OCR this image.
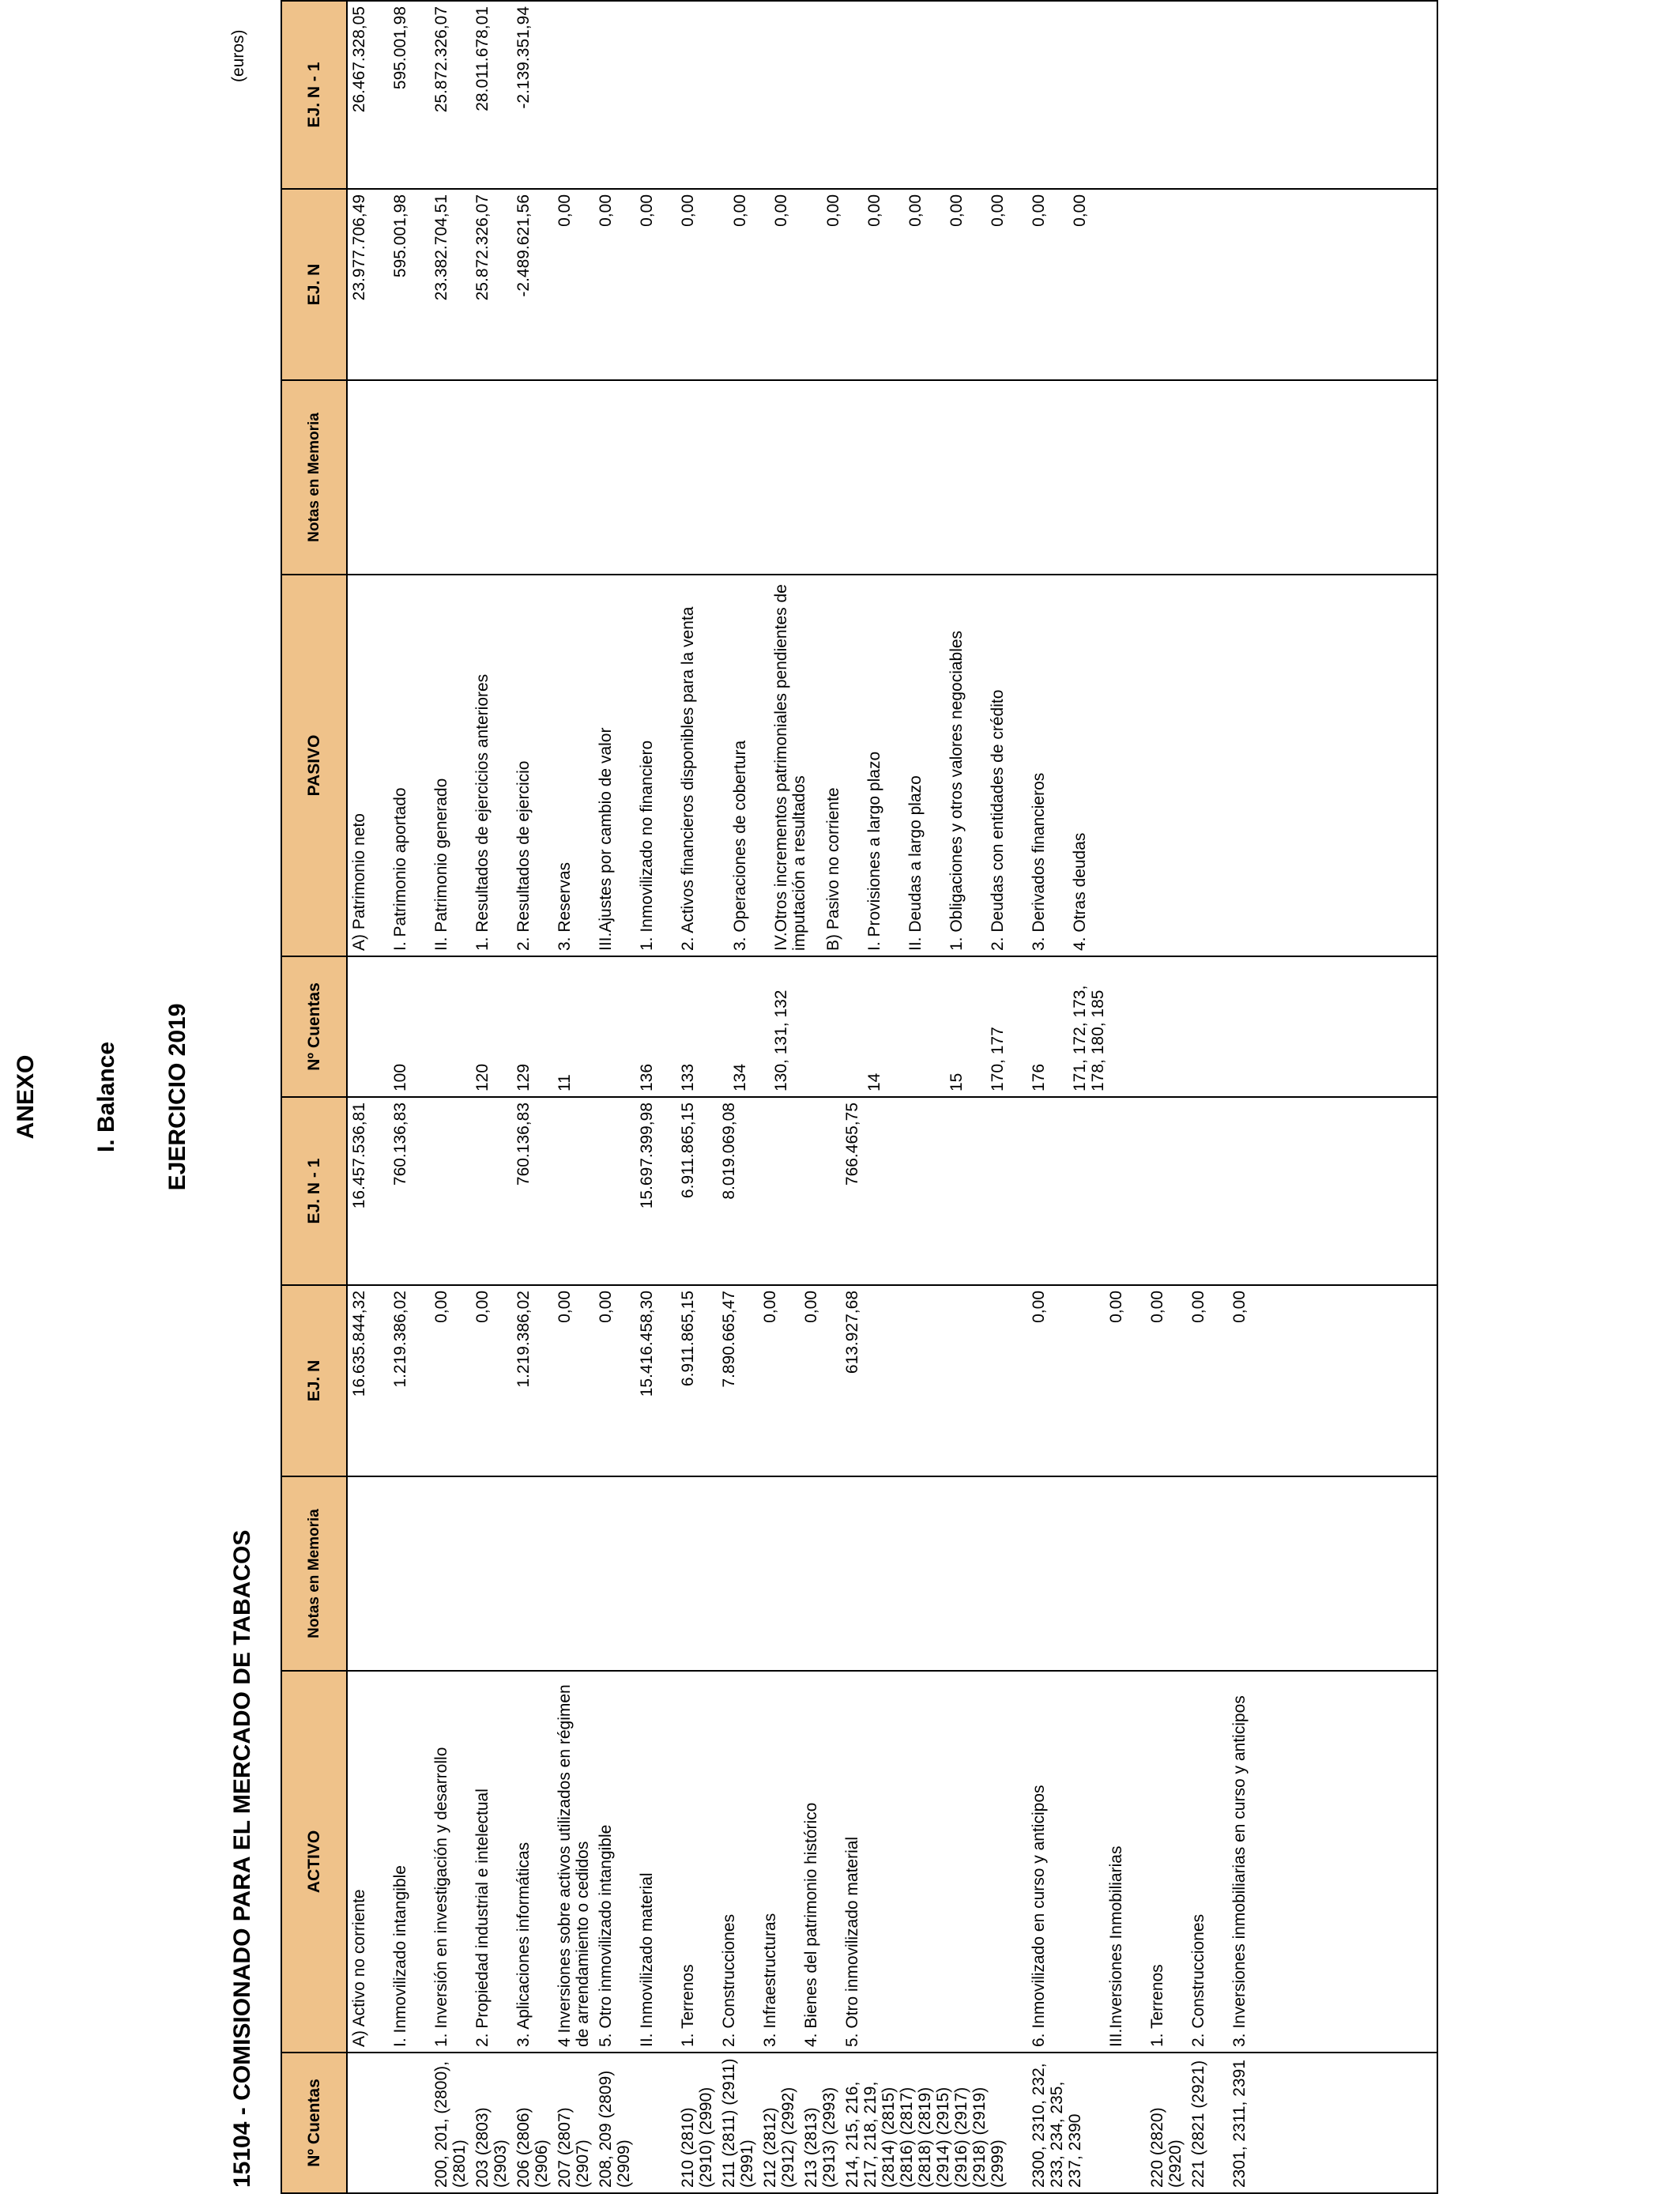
ANEXO I. Balance EJERCICIO 2019
15104 - COMISIONADO PARA EL MERCADO DE TABACOS
(euros)
Nº Cuentas	ACTIVO	Notas en Memoria	EJ. N	EJ. N - 1
	A) Activo no corriente		16.635.844,32	16.457.536,81
	I. Inmovilizado intangible		1.219.386,02	760.136,83
200, 201, (2800), (2801)	1. Inversión en investigación y desarrollo		0,00	
203 (2803) (2903)	2. Propiedad industrial e intelectual		0,00	
206 (2806) (2906)	3. Aplicaciones informáticas		1.219.386,02	760.136,83
207 (2807) (2907)	4 Inversiones sobre activos utilizados en régimen de arrendamiento o cedidos		0,00	
208, 209 (2809) (2909)	5. Otro inmovilizado intangible		0,00	
	II. Inmovilizado material		15.416.458,30	15.697.399,98
210 (2810) (2910) (2990)	1. Terrenos		6.911.865,15	6.911.865,15
211 (2811) (2911) (2991)	2. Construcciones		7.890.665,47	8.019.069,08
212 (2812) (2912) (2992)	3. Infraestructuras		0,00	
213 (2813) (2913) (2993)	4. Bienes del patrimonio histórico		0,00	
214, 215, 216, 217, 218, 219, (2814) (2815) (2816) (2817) (2818) (2819) (2914) (2915) (2916) (2917) (2918) (2919) (2999)	5. Otro inmovilizado material		613.927,68	766.465,75
2300, 2310, 232, 233, 234, 235, 237, 2390	6. Inmovilizado en curso y anticipos		0,00	
	III.Inversiones Inmobiliarias		0,00	
220 (2820) (2920)	1. Terrenos		0,00	
221 (2821 (2921)	2. Construcciones		0,00	
2301, 2311, 2391	3. Inversiones inmobiliarias en curso y anticipos		0,00	

Nº Cuentas	PASIVO	Notas en Memoria	EJ. N	EJ. N - 1
	A) Patrimonio neto		23.977.706,49	26.467.328,05
100	I. Patrimonio aportado		595.001,98	595.001,98
	II. Patrimonio generado		23.382.704,51	25.872.326,07
120	1. Resultados de ejercicios anteriores		25.872.326,07	28.011.678,01
129	2. Resultados de ejercicio		-2.489.621,56	-2.139.351,94
11	3. Reservas		0,00	
	III.Ajustes por cambio de valor		0,00	
136	1. Inmovilizado no financiero		0,00	
133	2. Activos financieros disponibles para la venta		0,00	
134	3. Operaciones de cobertura		0,00	
130, 131, 132	IV.Otros incrementos patrimoniales pendientes de imputación a resultados		0,00	
	B) Pasivo no corriente		0,00	
14	I. Provisiones a largo plazo		0,00	
	II. Deudas a largo plazo		0,00	
15	1. Obligaciones y otros valores negociables		0,00	
170, 177	2. Deudas con entidades de crédito		0,00	
176	3. Derivados financieros		0,00	
171, 172, 173, 178, 180, 185	4. Otras deudas		0,00	
